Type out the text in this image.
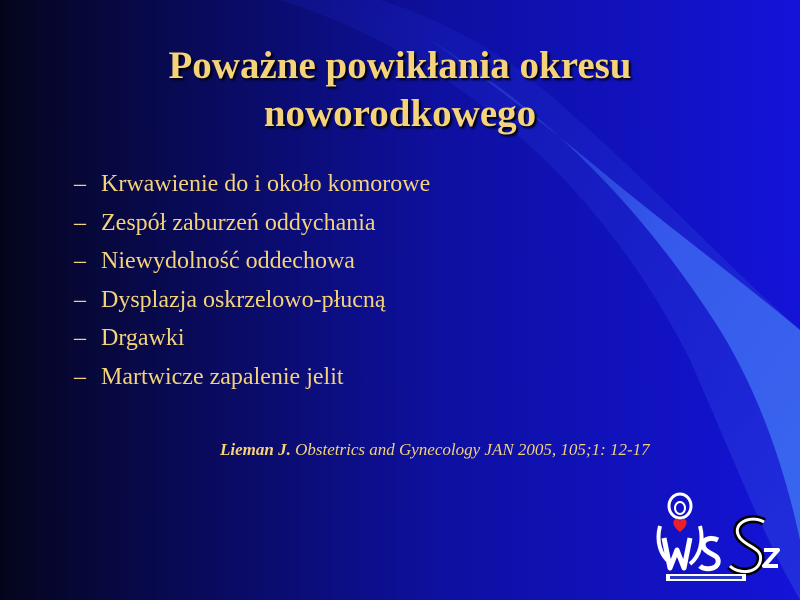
Poważne powikłania okresu
noworodkowego
– Krwawienie do i około komorowe
– Zespół zaburzeń oddychania
– Niewydolność oddechowa
– Dysplazja oskrzelowo-płucną
– Drgawki
– Martwicze zapalenie jelit
Lieman J. Obstetrics and Gynecology JAN 2005, 105;1: 12-17
